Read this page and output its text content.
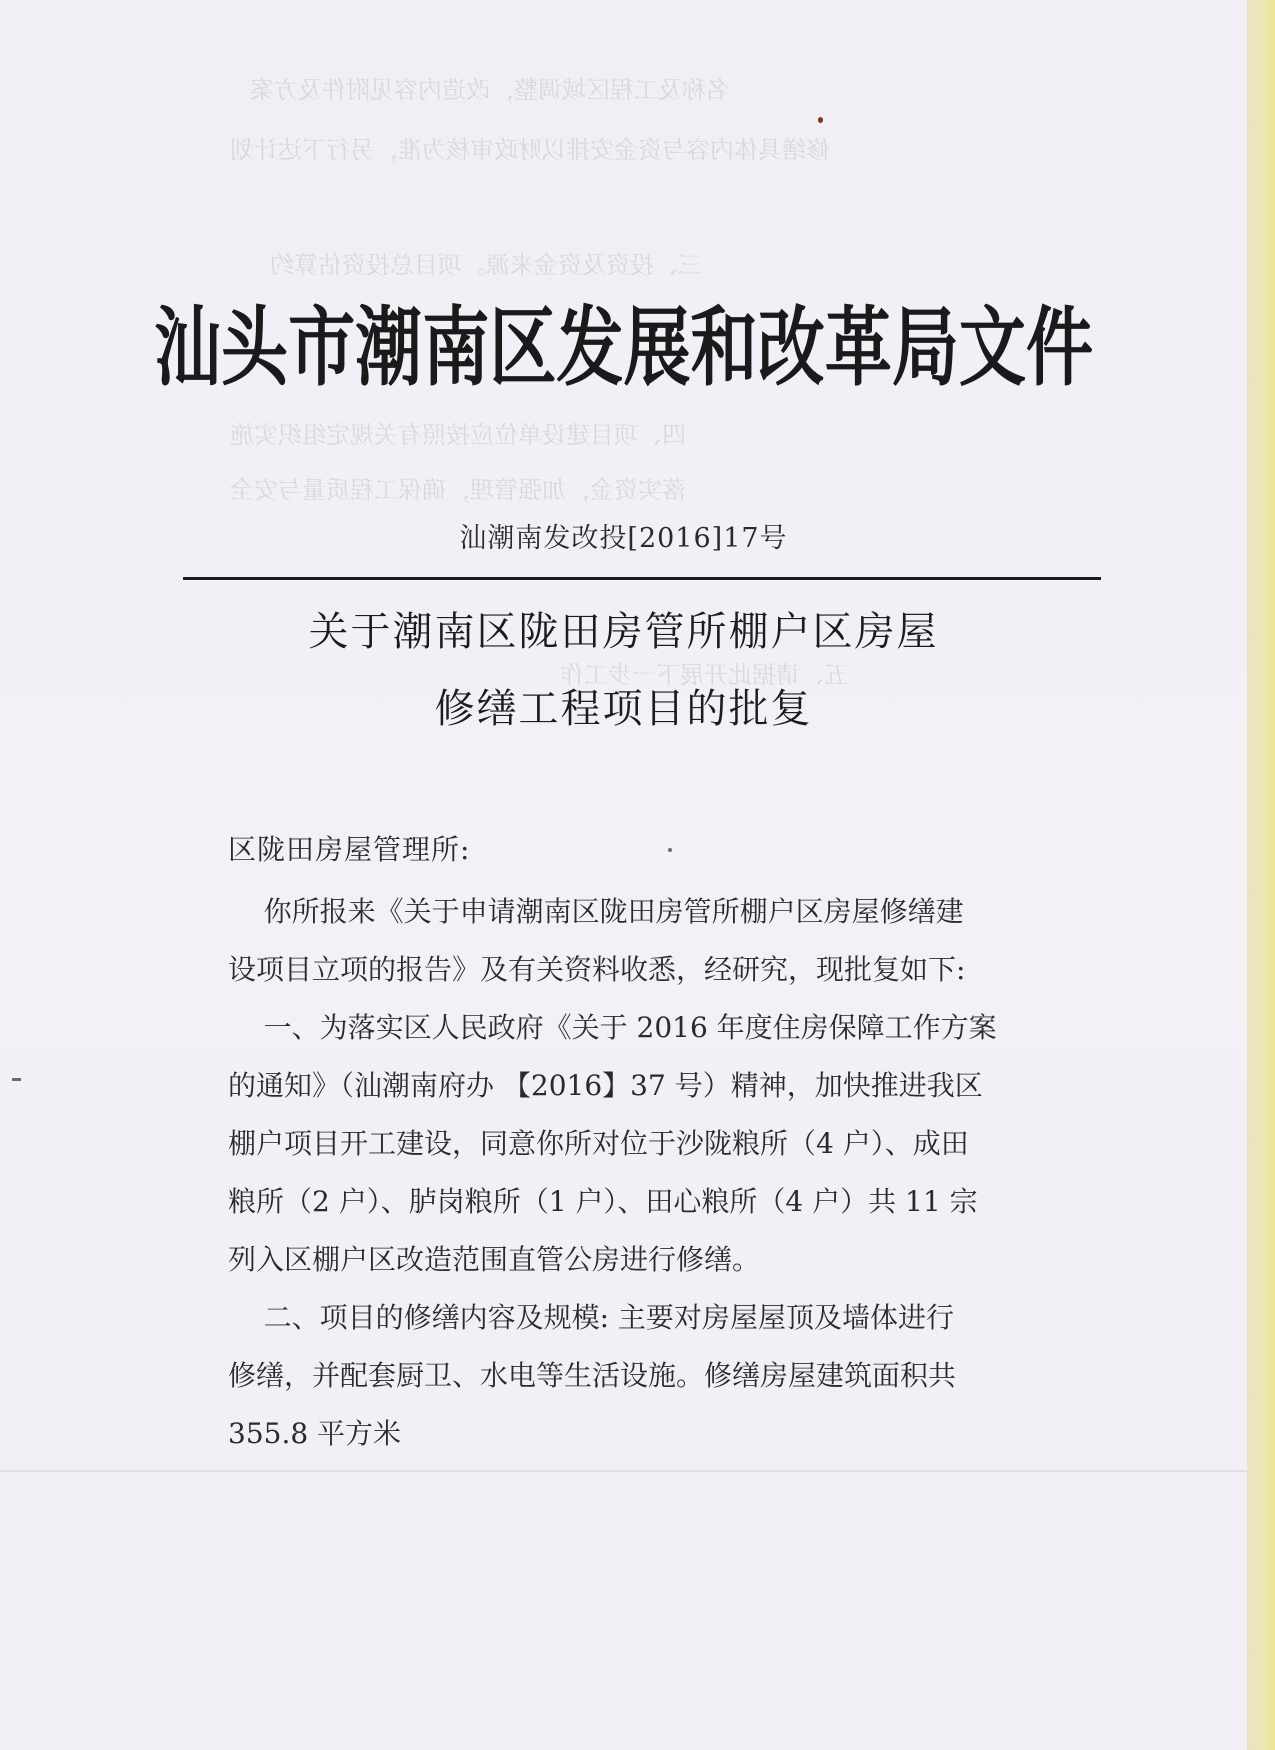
名称及工程区域调整，改造内容见附件及方案
修缮具体内容与资金安排以财政审核为准，另行下达计划
三、投资及资金来源。项目总投资估算约
四、项目建设单位应按照有关规定组织实施
落实资金，加强管理，确保工程质量与安全
五、请据此开展下一步工作
汕头市潮南区发展和改革局文件
汕潮南发改投[2016]17号
关于潮南区陇田房管所棚户区房屋
修缮工程项目的批复
区陇田房屋管理所:
你所报来《关于申请潮南区陇田房管所棚户区房屋修缮建
设项目立项的报告》及有关资料收悉，经研究，现批复如下:
一、为落实区人民政府《关于 2016 年度住房保障工作方案
的通知》（汕潮南府办 【2016】37 号）精神，加快推进我区
棚户项目开工建设，同意你所对位于沙陇粮所（4 户）、成田
粮所（2 户）、胪岗粮所（1 户）、田心粮所（4 户）共 11 宗
列入区棚户区改造范围直管公房进行修缮。
二、项目的修缮内容及规模: 主要对房屋屋顶及墙体进行
修缮，并配套厨卫、水电等生活设施。修缮房屋建筑面积共
355.8 平方米
